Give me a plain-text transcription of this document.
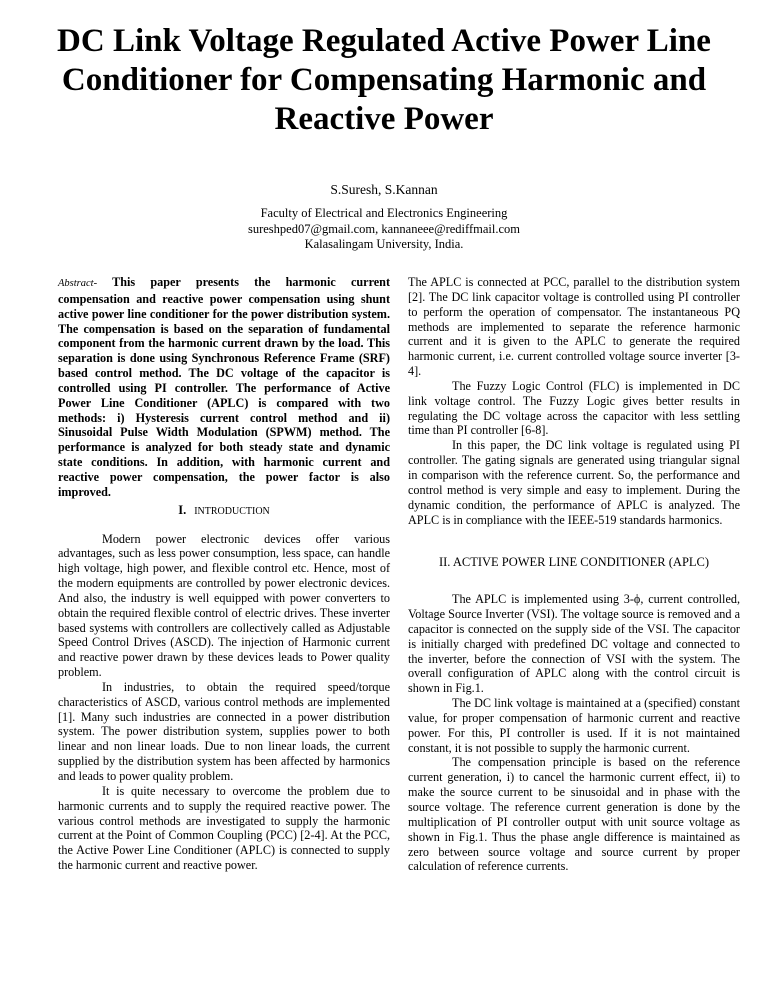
DC Link Voltage Regulated Active Power Line Conditioner for Compensating Harmonic and Reactive Power
S.Suresh, S.Kannan
Faculty of Electrical and Electronics Engineering
sureshped07@gmail.com, kannaneee@rediffmail.com
Kalasalingam University, India.

Abstract- This paper presents the harmonic current compensation and reactive power compensation using shunt active power line conditioner for the power distribution system. The compensation is based on the separation of fundamental component from the harmonic current drawn by the load. This separation is done using Synchronous Reference Frame (SRF) based control method. The DC voltage of the capacitor is controlled using PI controller. The performance of Active Power Line Conditioner (APLC) is compared with two methods: i) Hysteresis current control method and ii) Sinusoidal Pulse Width Modulation (SPWM) method. The performance is analyzed for both steady state and dynamic state conditions. In addition, with harmonic current and reactive power compensation, the power factor is also improved.

I. INTRODUCTION

Modern power electronic devices offer various advantages, such as less power consumption, less space, can handle high voltage, high power, and flexible control etc. Hence, most of the modern equipments are controlled by power electronic devices. And also, the industry is well equipped with power converters to obtain the required flexible control of electric drives. These inverter based systems with controllers are collectively called as Adjustable Speed Control Drives (ASCD). The injection of Harmonic current and reactive power drawn by these devices leads to Power quality problem.

In industries, to obtain the required speed/torque characteristics of ASCD, various control methods are implemented [1]. Many such industries are connected in a power distribution system. The power distribution system, supplies power to both linear and non linear loads. Due to non linear loads, the current supplied by the distribution system has been affected by harmonics and leads to power quality problem.

It is quite necessary to overcome the problem due to harmonic currents and to supply the required reactive power. The various control methods are investigated to supply the harmonic current at the Point of Common Coupling (PCC) [2-4]. At the PCC, the Active Power Line Conditioner (APLC) is connected to supply the harmonic current and reactive power.

The APLC is connected at PCC, parallel to the distribution system [2]. The DC link capacitor voltage is controlled using PI controller to perform the operation of compensator. The instantaneous PQ methods are implemented to separate the reference harmonic current and it is given to the APLC to generate the required harmonic current, i.e. current controlled voltage source inverter [3-4].

The Fuzzy Logic Control (FLC) is implemented in DC link voltage control. The Fuzzy Logic gives better results in regulating the DC voltage across the capacitor with less settling time than PI controller [6-8].

In this paper, the DC link voltage is regulated using PI controller. The gating signals are generated using triangular signal in comparison with the reference current. So, the performance and control method is very simple and easy to implement. During the dynamic condition, the performance of APLC is analyzed. The APLC is in compliance with the IEEE-519 standards harmonics.

II. ACTIVE POWER LINE CONDITIONER (APLC)

The APLC is implemented using 3-ϕ, current controlled, Voltage Source Inverter (VSI). The voltage source is removed and a capacitor is connected on the supply side of the VSI. The capacitor is initially charged with predefined DC voltage and connected to the inverter, before the connection of VSI with the system. The overall configuration of APLC along with the control circuit is shown in Fig.1.

The DC link voltage is maintained at a (specified) constant value, for proper compensation of harmonic current and reactive power. For this, PI controller is used. If it is not maintained constant, it is not possible to supply the harmonic current.

The compensation principle is based on the reference current generation, i) to cancel the harmonic current effect, ii) to make the source current to be sinusoidal and in phase with the source voltage. The reference current generation is done by the multiplication of PI controller output with unit source voltage as shown in Fig.1. Thus the phase angle difference is maintained as zero between source voltage and source current by proper calculation of reference currents.
